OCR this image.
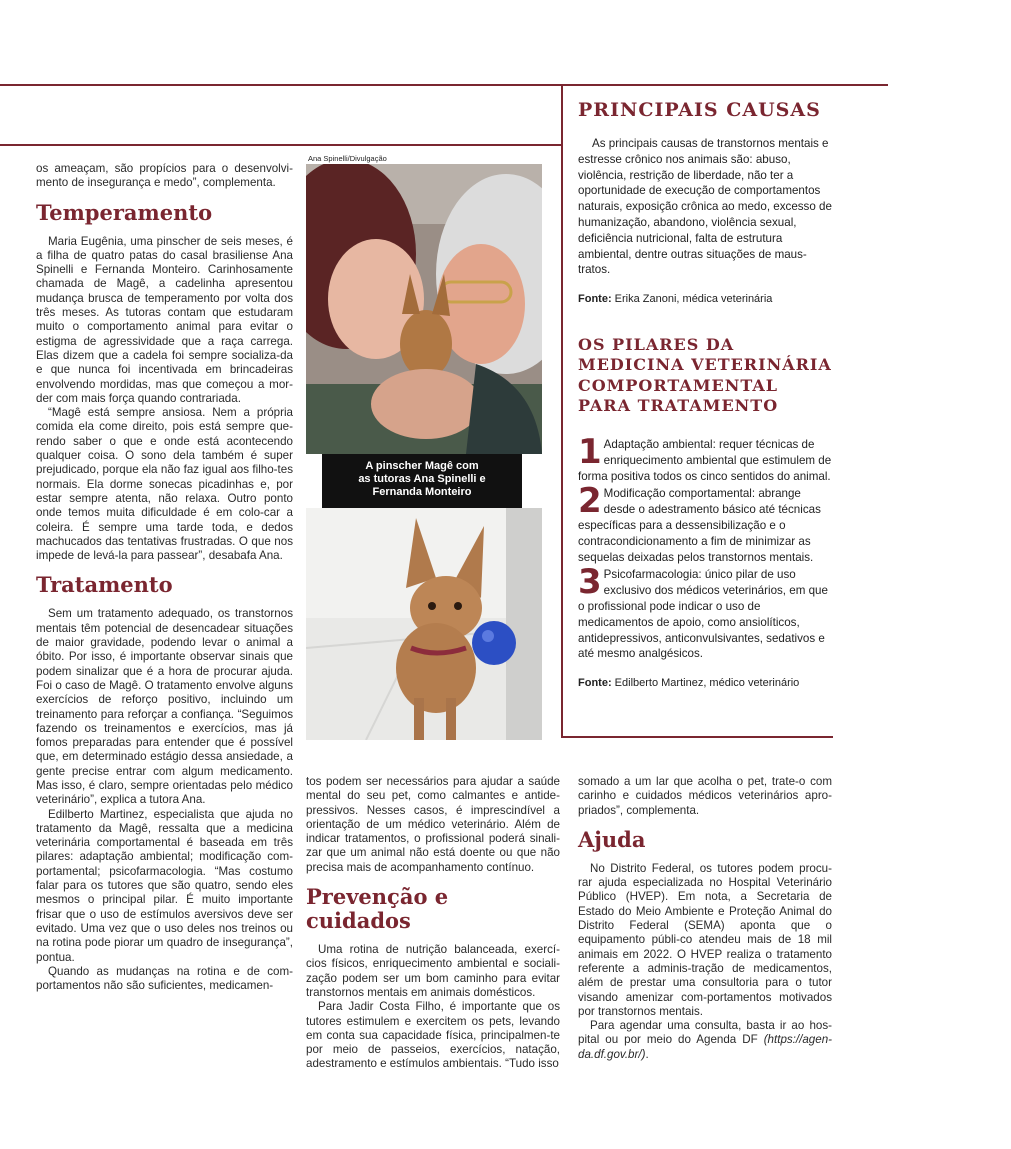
os ameaçam, são propícios para o desenvolvi- mento de insegurança e medo”, complementa.

Temperamento

Maria Eugênia, uma pinscher de seis meses, é a filha de quatro patas do casal brasiliense Ana Spinelli e Fernanda Monteiro. Carinhosamente chamada de Magê, a cadelinha apresentou mudança brusca de temperamento por volta dos três meses. As tutoras contam que estudaram muito o comportamento animal para evitar o estigma de agressividade que a raça carrega. Elas dizem que a cadela foi sempre socializa-da e que nunca foi incentivada em brincadeiras envolvendo mordidas, mas que começou a mor-der com mais força quando contrariada.

“Magê está sempre ansiosa. Nem a própria comida ela come direito, pois está sempre que-rendo saber o que e onde está acontecendo qualquer coisa. O sono dela também é super prejudicado, porque ela não faz igual aos filho-tes normais. Ela dorme sonecas picadinhas e, por estar sempre atenta, não relaxa. Outro ponto onde temos muita dificuldade é em colo-car a coleira. É sempre uma tarde toda, e dedos machucados das tentativas frustradas. O que nos impede de levá-la para passear”, desabafa Ana.

Tratamento

Sem um tratamento adequado, os transtornos mentais têm potencial de desencadear situações de maior gravidade, podendo levar o animal a óbito. Por isso, é importante observar sinais que podem sinalizar que é a hora de procurar ajuda. Foi o caso de Magê. O tratamento envolve alguns exercícios de reforço positivo, incluindo um treinamento para reforçar a confiança. “Seguimos fazendo os treinamentos e exercícios, mas já fomos preparadas para entender que é possível que, em determinado estágio dessa ansiedade, a gente precise entrar com algum medicamento. Mas isso, é claro, sempre orientadas pelo médico veterinário”, explica a tutora Ana.

Edilberto Martinez, especialista que ajuda no tratamento da Magê, ressalta que a medicina veterinária comportamental é baseada em três pilares: adaptação ambiental; modificação com-portamental; psicofarmacologia. “Mas costumo falar para os tutores que são quatro, sendo eles mesmos o principal pilar. É muito importante frisar que o uso de estímulos aversivos deve ser evitado. Uma vez que o uso deles nos treinos ou na rotina pode piorar um quadro de insegurança”, pontua.

Quando as mudanças na rotina e de com-portamentos não são suficientes, medicamen-

Ana Spinelli/Divulgação
A pinscher Magê com
as tutoras Ana Spinelli e
Fernanda Monteiro

tos podem ser necessários para ajudar a saúde mental do seu pet, como calmantes e antide-pressivos. Nesses casos, é imprescindível a orientação de um médico veterinário. Além de indicar tratamentos, o profissional poderá sinali-zar que um animal não está doente ou que não precisa mais de acompanhamento contínuo.

Prevenção e cuidados

Uma rotina de nutrição balanceada, exercí-cios físicos, enriquecimento ambiental e sociali-zação podem ser um bom caminho para evitar transtornos mentais em animais domésticos.

Para Jadir Costa Filho, é importante que os tutores estimulem e exercitem os pets, levando em conta sua capacidade física, principalmen-te por meio de passeios, exercícios, natação, adestramento e estímulos ambientais. “Tudo isso

PRINCIPAIS CAUSAS

As principais causas de transtornos mentais e estresse crônico nos animais são: abuso, violência, restrição de liberdade, não ter a oportunidade de execução de comportamentos naturais, exposição crônica ao medo, excesso de humanização, abandono, violência sexual, deficiência nutricional, falta de estrutura ambiental, dentre outras situações de maus-tratos.

Fonte: Erika Zanoni, médica veterinária

OS PILARES DA
MEDICINA VETERINÁRIA
COMPORTAMENTAL
PARA TRATAMENTO
1 Adaptação ambiental: requer técnicas de enriquecimento ambiental que estimulem de forma positiva todos os cinco sentidos do animal.
2 Modificação comportamental: abrange desde o adestramento básico até técnicas específicas para a dessensibilização e o contracondicionamento a fim de minimizar as sequelas deixadas pelos transtornos mentais.
3 Psicofarmacologia: único pilar de uso exclusivo dos médicos veterinários, em que o profissional pode indicar o uso de medicamentos de apoio, como ansiolíticos, antidepressivos, anticonvulsivantes, sedativos e até mesmo analgésicos.

Fonte: Edilberto Martinez, médico veterinário

somado a um lar que acolha o pet, trate-o com carinho e cuidados médicos veterinários apro-priados”, complementa.

Ajuda

No Distrito Federal, os tutores podem procu-rar ajuda especializada no Hospital Veterinário Público (HVEP). Em nota, a Secretaria de Estado do Meio Ambiente e Proteção Animal do Distrito Federal (SEMA) aponta que o equipamento públi-co atendeu mais de 18 mil animais em 2022. O HVEP realiza o tratamento referente a adminis-tração de medicamentos, além de prestar uma consultoria para o tutor visando amenizar com-portamentos motivados por transtornos mentais.

Para agendar uma consulta, basta ir ao hos-pital ou por meio do Agenda DF (https://agen-da.df.gov.br/).
